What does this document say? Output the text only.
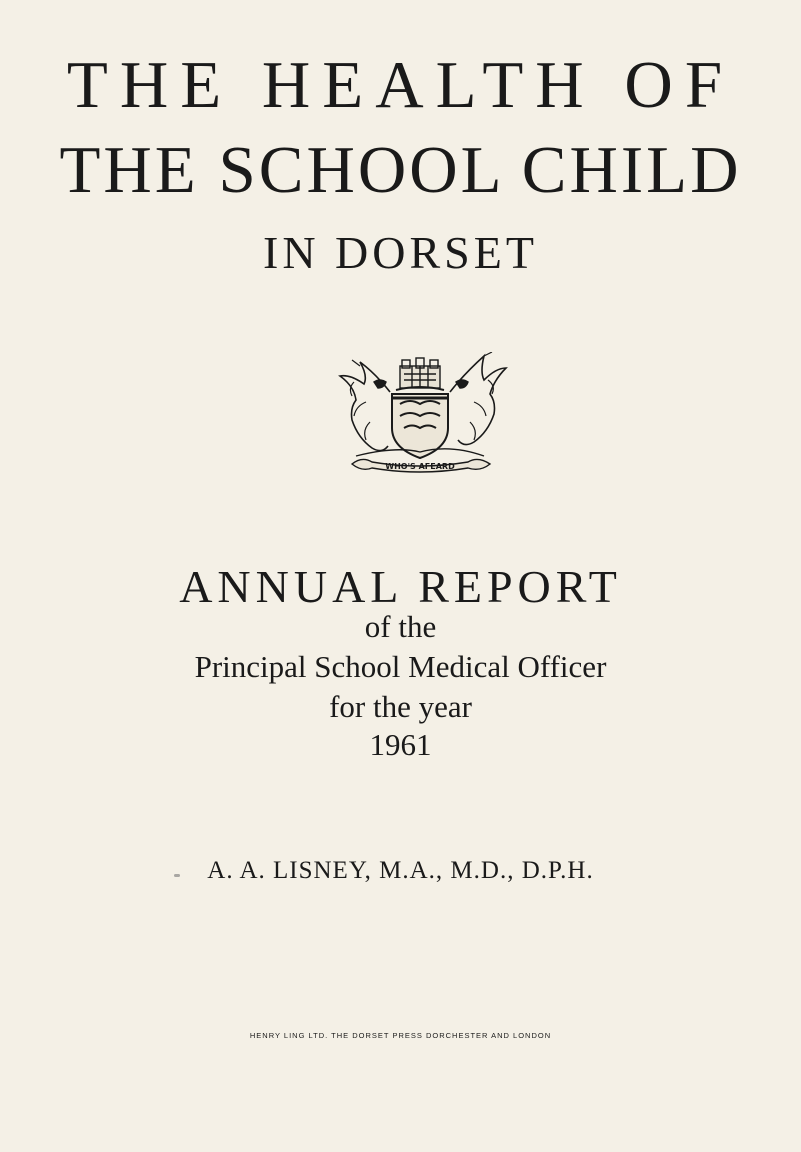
THE HEALTH OF
THE SCHOOL CHILD
IN DORSET
WHO'S AFEARD
ANNUAL REPORT
of the
Principal School Medical Officer
for the year
1961
A. A. LISNEY, M.A., M.D., D.P.H.
HENRY LING LTD. THE DORSET PRESS DORCHESTER AND LONDON
